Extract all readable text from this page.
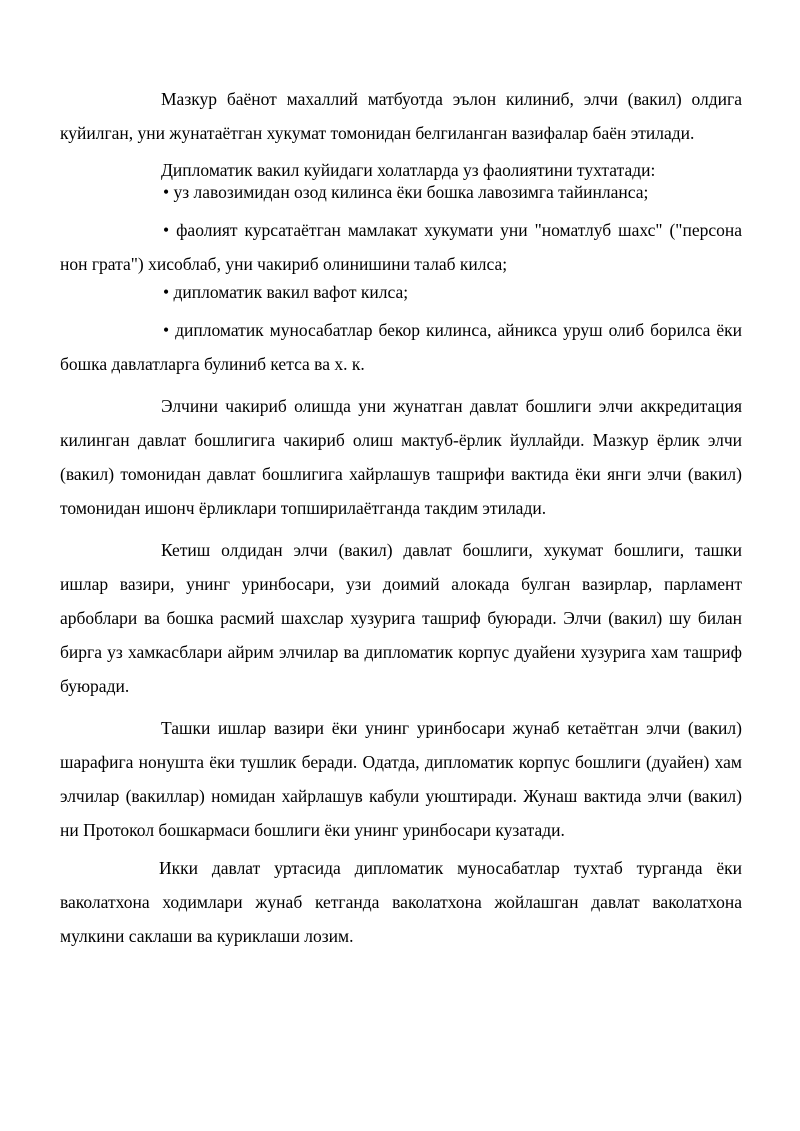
Мазкур баёнот махаллий матбуотда эълон килиниб, элчи (вакил) олдига куйилган, уни жунатаётган хукумат томонидан белгиланган вазифалар баён этилади.

Дипломатик вакил куйидаги холатларда уз фаолиятини тухтатади:

• уз лавозимидан озод килинса ёки бошка лавозимга тайинланса;

• фаолият курсатаётган мамлакат хукумати уни "номатлуб шахс" ("персона нон грата") хисоблаб, уни чакириб олинишини талаб килса;

• дипломатик вакил вафот килса;

• дипломатик муносабатлар бекор килинса, айникса уруш олиб борилса ёки бошка давлатларга булиниб кетса ва х. к.

Элчини чакириб олишда уни жунатган давлат бошлиги элчи аккредитация килинган давлат бошлигига чакириб олиш мактуб-ёрлик йуллайди. Мазкур ёрлик элчи (вакил) томонидан давлат бошлигига хайрлашув ташрифи вактида ёки янги элчи (вакил) томонидан ишонч ёрликлари топширилаётганда такдим этилади.

Кетиш олдидан элчи (вакил) давлат бошлиги, хукумат бошлиги, ташки ишлар вазири, унинг уринбосари, узи доимий алокада булган вазирлар, парламент арбоблари ва бошка расмий шахслар хузурига ташриф буюради. Элчи (вакил) шу билан бирга уз хамкасблари айрим элчилар ва дипломатик корпус дуайени хузурига хам ташриф буюради.

Ташки ишлар вазири ёки унинг уринбосари жунаб кетаётган элчи (вакил) шарафига нонушта ёки тушлик беради. Одатда, дипломатик корпус бошлиги (дуайен) хам элчилар (вакиллар) номидан хайрлашув кабули уюштиради. Жунаш вактида элчи (вакил) ни Протокол бошкармаси бошлиги ёки унинг уринбосари кузатади.

Икки давлат уртасида дипломатик муносабатлар тухтаб турганда ёки ваколатхона ходимлари жунаб кетганда ваколатхона жойлашган давлат ваколатхона мулкини саклаши ва куриклаши лозим.
